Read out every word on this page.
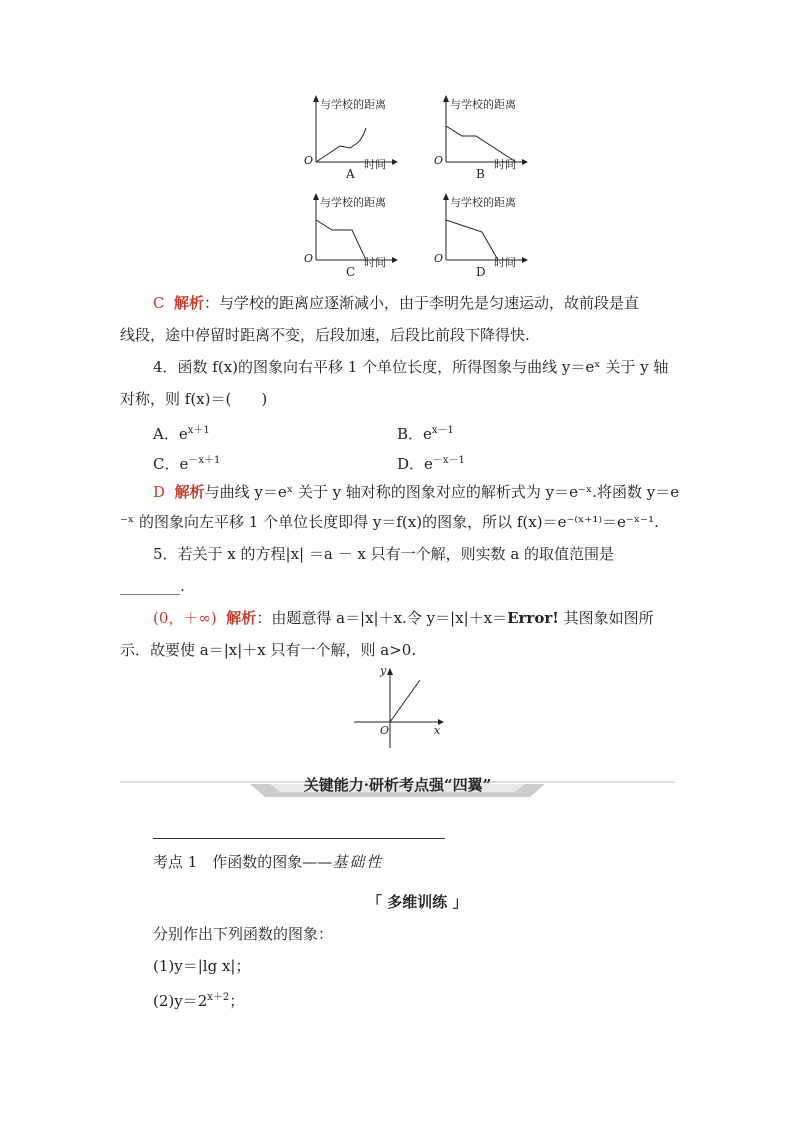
与学校的距离
O	时间
A
与学校的距离
O	时间
B
与学校的距离
O	时间
C
与学校的距离
O	时间
D
C 解析：与学校的距离应逐渐减小，由于李明先是匀速运动，故前段是直
线段，途中停留时距离不变，后段加速，后段比前段下降得快.
4．函数 f(x)的图象向右平移 1 个单位长度，所得图象与曲线 y＝eˣ 关于 y 轴
对称，则 f(x)＝(　　)
A．$e^{x+1}$	B．$e^{x-1}$
C．$e^{-x+1}$	D．$e^{-x-1}$
D 解析与曲线 y＝eˣ 关于 y 轴对称的图象对应的解析式为 y＝e⁻ˣ.将函数 y＝e
⁻ˣ 的图象向左平移 1 个单位长度即得 y＝f(x)的图象，所以 f(x)＝e⁻⁽ˣ⁺¹⁾＝e⁻ˣ⁻¹.
5．若关于 x 的方程|x| ＝a － x 只有一个解，则实数 a 的取值范围是
________.
(0，＋∞) 解析：由题意得 a＝|x|＋x.令 y＝|x|＋x＝Error! 其图象如图所
示．故要使 a＝|x|＋x 只有一个解，则 a>0.
y
x
O
关键能力·研析考点强“四翼”
考点 1　作函数的图象——基础性
「 多维训练 」
分别作出下列函数的图象：
(1)y＝|lg x|；
$(2)y=2^{x+2}$；
